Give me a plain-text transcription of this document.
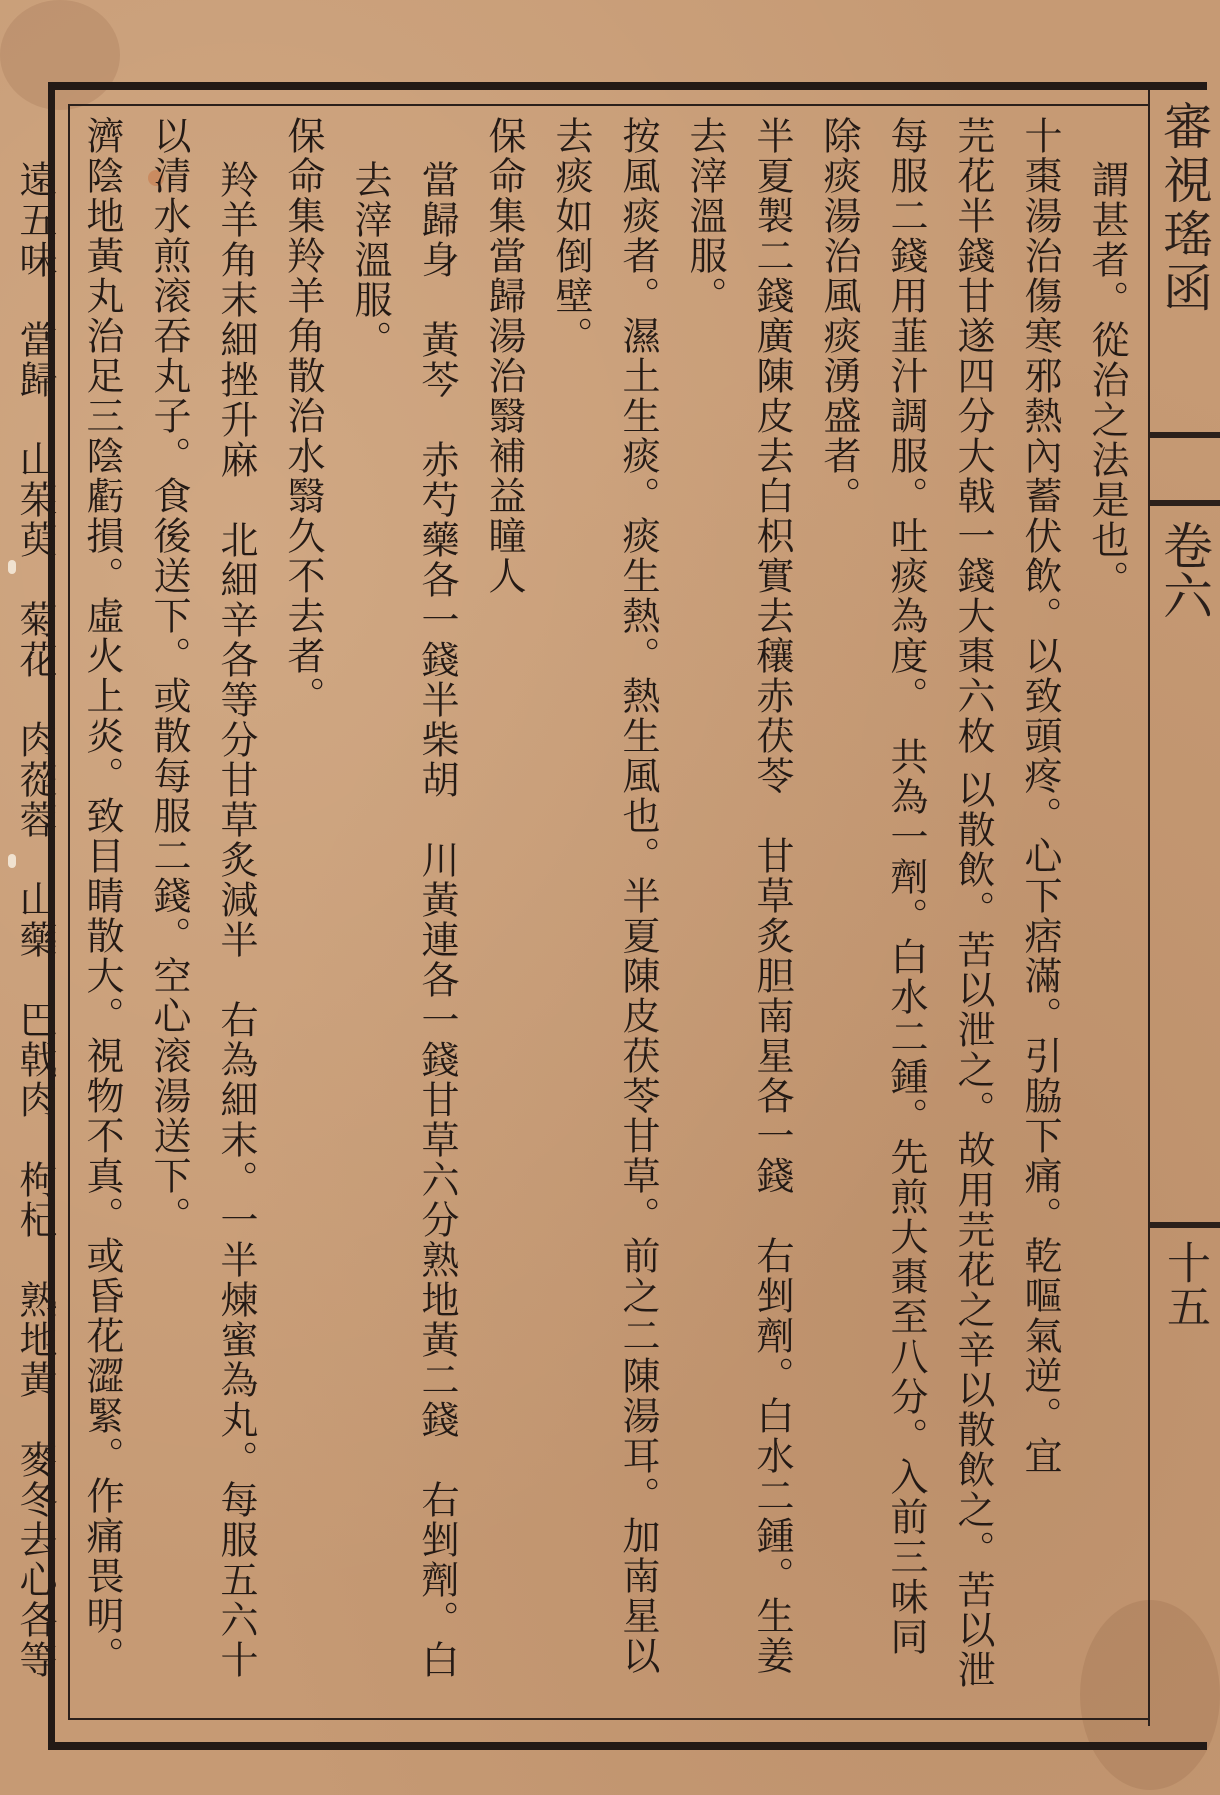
審視瑤函
卷六
十五
謂甚者。從治之法是也。
十棗湯治傷寒邪熱內蓄伏飲。以致頭疼。心下痞滿。引脇下痛。乾嘔氣逆。宜
芫花半錢甘遂四分大戟一錢大棗六枚 以散飲。苦以泄之。故用芫花之辛以散飲之。苦以泄
每服二錢用韮汁調服。吐痰為度。　共為一劑。白水二鍾。先煎大棗至八分。入前三味同
除痰湯治風痰湧盛者。
半夏製二錢廣陳皮去白枳實去穰赤茯苓　甘草炙胆南星各一錢　右剉劑。白水二鍾。生姜
去滓溫服。
按風痰者。濕土生痰。痰生熱。熱生風也。半夏陳皮茯苓甘草。前之二陳湯耳。加南星以
去痰如倒壁。
保命集當歸湯治翳補益瞳人
當歸身　黃芩　赤芍藥各一錢半柴胡　川黃連各一錢甘草六分熟地黃二錢　右剉劑。白
去滓溫服。
保命集羚羊角散治水翳久不去者。
羚羊角末細挫升麻　北細辛各等分甘草炙減半　右為細末。一半煉蜜為丸。每服五六十
以清水煎滚吞丸子。食後送下。或散每服二錢。空心滚湯送下。
濟陰地黃丸治足三陰虧損。虛火上炎。致目睛散大。視物不真。或昏花澀緊。作痛畏明。
遠五味　當歸　山茱萸　菊花　肉蓯蓉　山藥　巴戟肉　枸杞　熟地黃　麥冬去心各等　
